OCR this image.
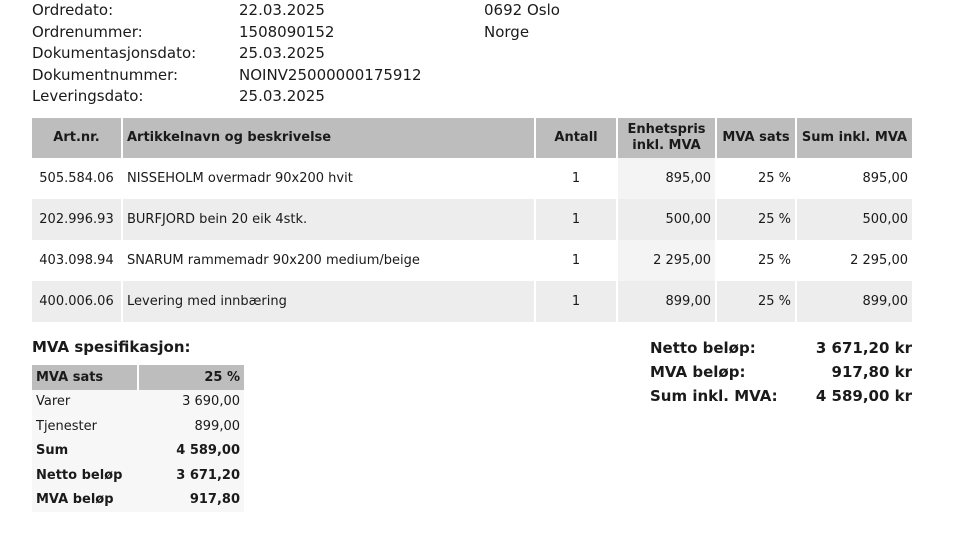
Ordredato:	22.03.2025
Ordrenummer:	1508090152
Dokumentasjonsdato:	25.03.2025
Dokumentnummer:	NOINV25000000175912
Leveringsdato:	25.03.2025
0692 Oslo
Norge
Art.nr.	Artikkelnavn og beskrivelse	Antall	Enhetspris
inkl. MVA	MVA sats	Sum inkl. MVA
505.584.06	NISSEHOLM overmadr 90x200 hvit	1	895,00	25 %	895,00
202.996.93	BURFJORD bein 20 eik 4stk.	1	500,00	25 %	500,00
403.098.94	SNARUM rammemadr 90x200 medium/beige	1	2 295,00	25 %	2 295,00
400.006.06	Levering med innbæring	1	899,00	25 %	899,00
MVA spesifikasjon:
MVA sats	25 %
Varer	3 690,00
Tjenester	899,00
Sum	4 589,00
Netto beløp	3 671,20
MVA beløp	917,80
Netto beløp:	3 671,20 kr
MVA beløp:	917,80 kr
Sum inkl. MVA:	4 589,00 kr
